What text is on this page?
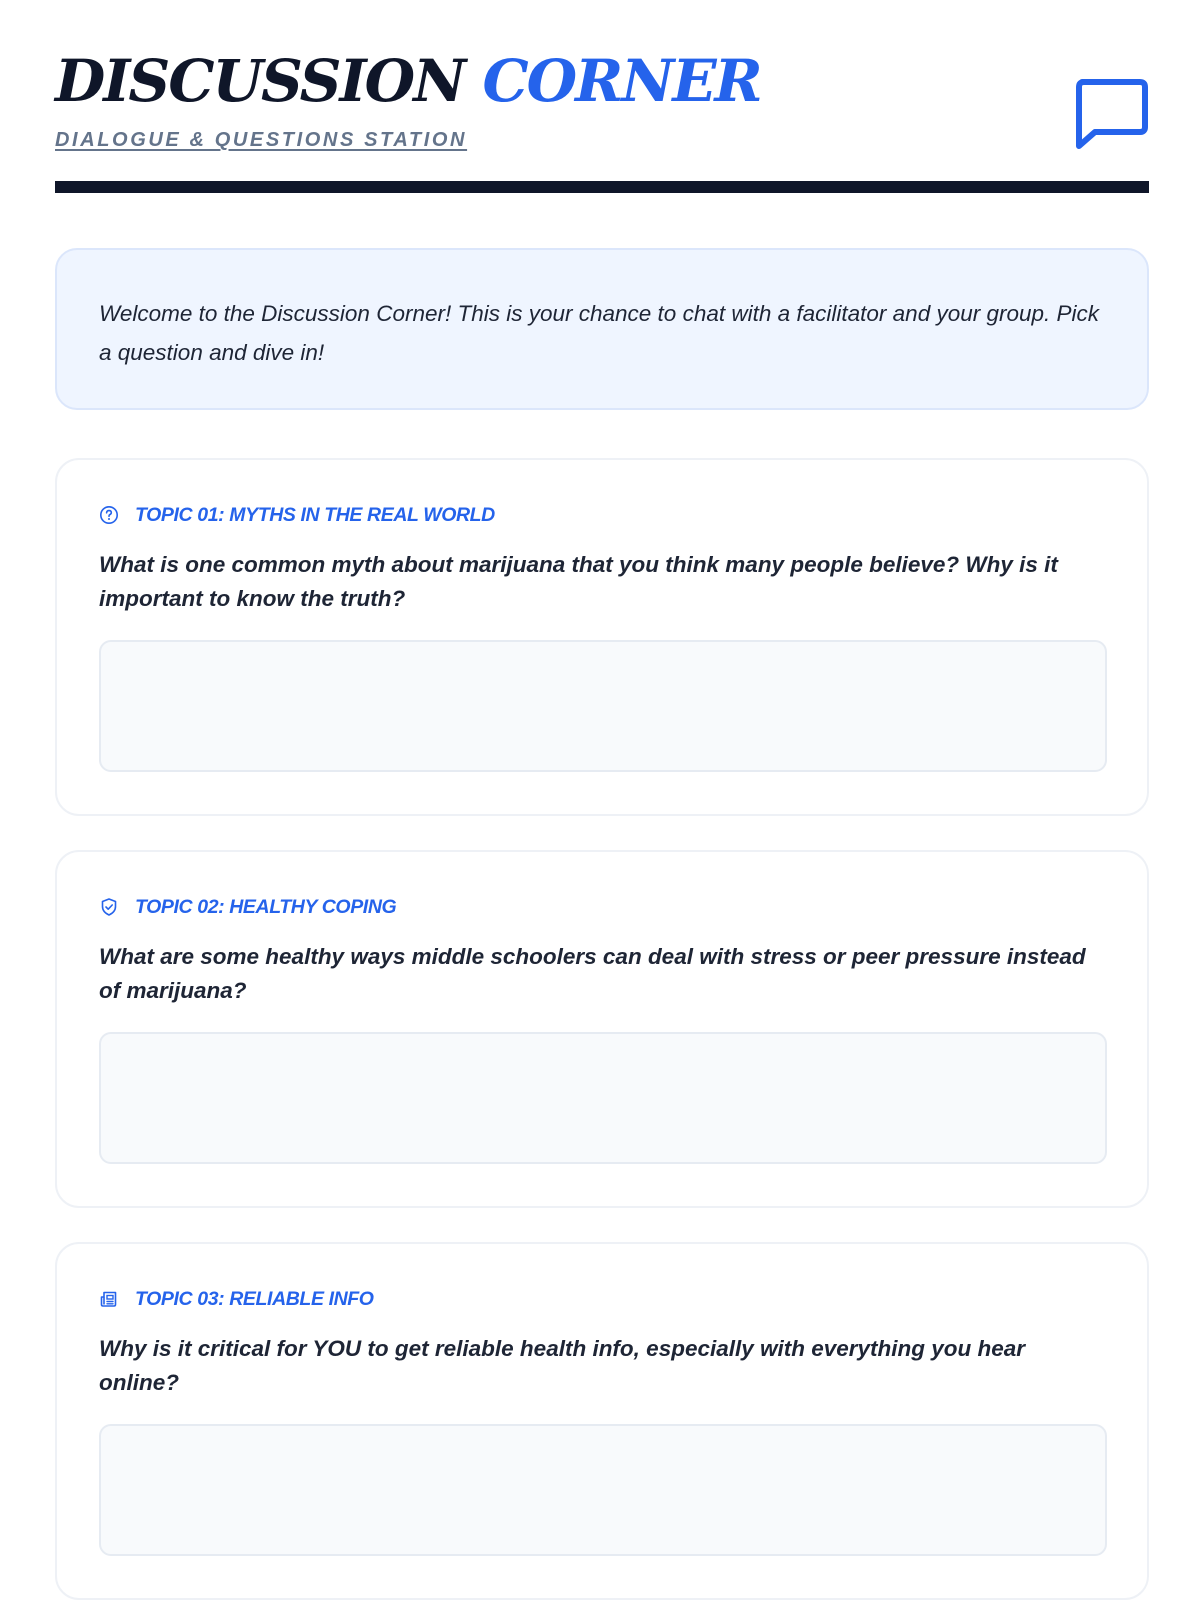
DISCUSSION CORNER
DIALOGUE & QUESTIONS STATION

Welcome to the Discussion Corner! This is your chance to chat with a facilitator and your group. Pick a question and dive in!

TOPIC 01: MYTHS IN THE REAL WORLD

What is one common myth about marijuana that you think many people believe? Why is it important to know the truth?

TOPIC 02: HEALTHY COPING

What are some healthy ways middle schoolers can deal with stress or peer pressure instead of marijuana?

TOPIC 03: RELIABLE INFO

Why is it critical for YOU to get reliable health info, especially with everything you hear online?
